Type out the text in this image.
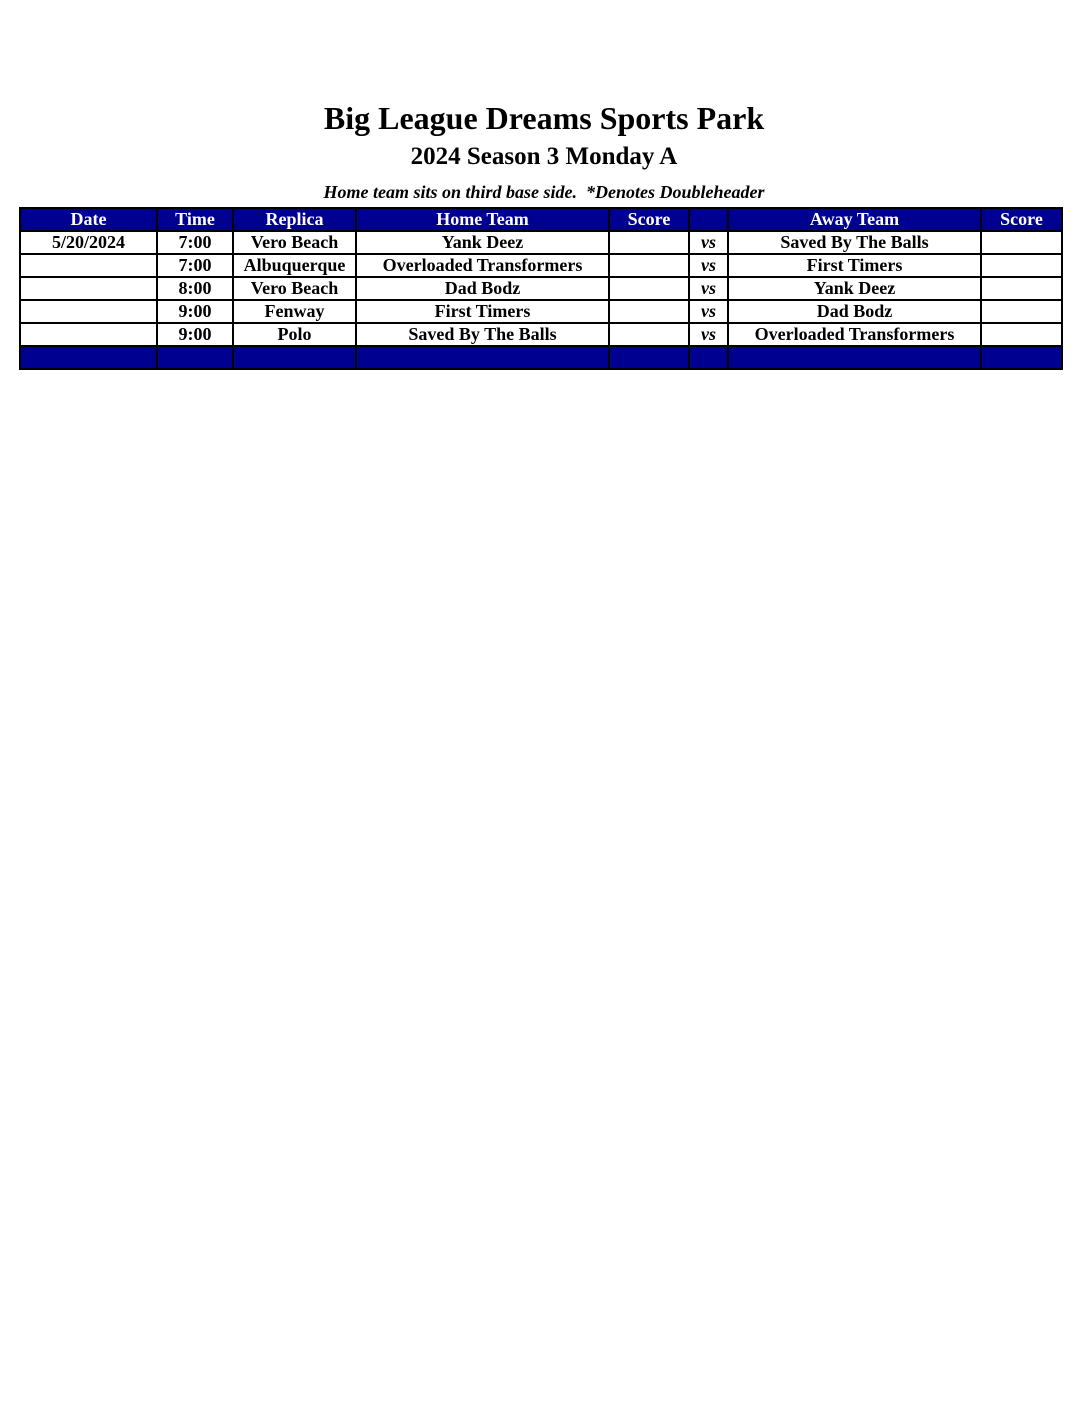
Big League Dreams Sports Park
2024 Season 3 Monday A
Home team sits on third base side.  *Denotes Doubleheader
Date	Time	Replica	Home Team	Score		Away Team	Score
5/20/2024	7:00	Vero Beach	Yank Deez		vs	Saved By The Balls	
	7:00	Albuquerque	Overloaded Transformers		vs	First Timers	
	8:00	Vero Beach	Dad Bodz		vs	Yank Deez	
	9:00	Fenway	First Timers		vs	Dad Bodz	
	9:00	Polo	Saved By The Balls		vs	Overloaded Transformers	
